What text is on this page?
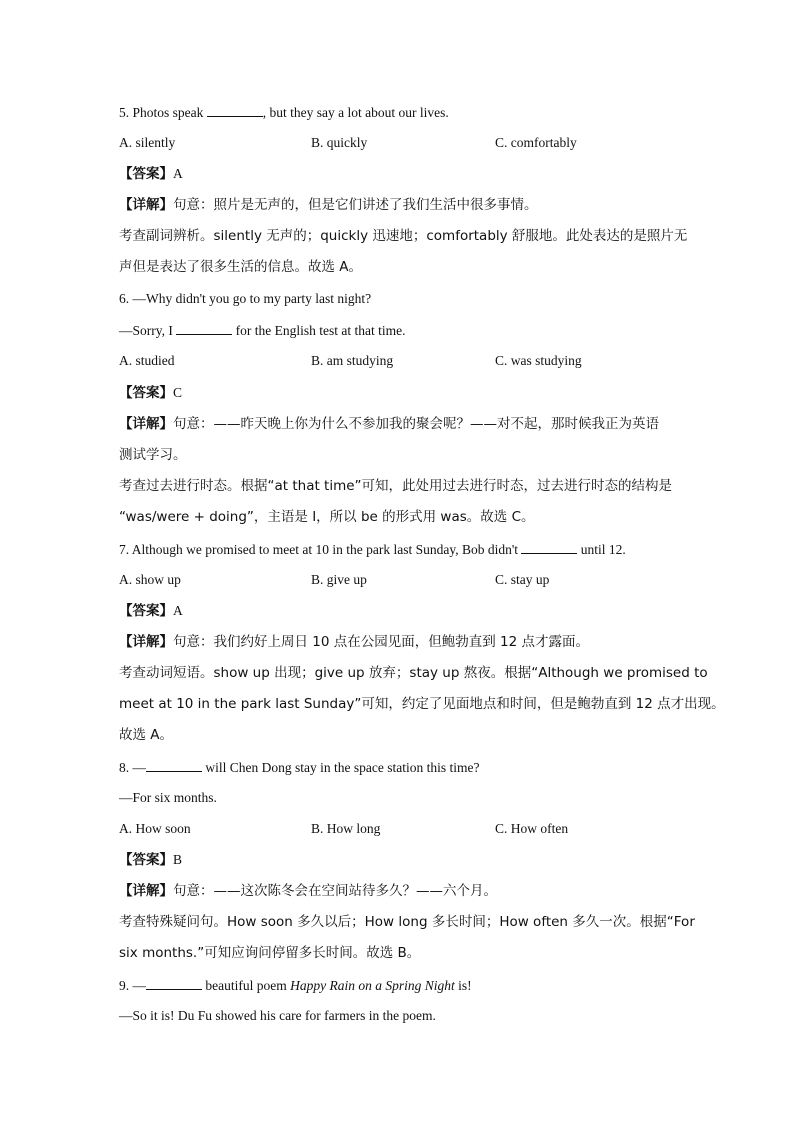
5. Photos speak	, but they say a lot about our lives.
A. silently	B. quickly	C. comfortably
【答案】A
【详解】句意：照片是无声的，但是它们讲述了我们生活中很多事情。
考查副词辨析。silently 无声的；quickly 迅速地；comfortably 舒服地。此处表达的是照片无
声但是表达了很多生活的信息。故选 A。
6. —Why didn't you go to my party last night?
—Sorry, I	for the English test at that time.
A. studied	B. am studying	C. was studying
【答案】C
【详解】句意：——昨天晚上你为什么不参加我的聚会呢？——对不起，那时候我正为英语
测试学习。
考查过去进行时态。根据“at that time”可知，此处用过去进行时态，过去进行时态的结构是
“was/were + doing”，主语是 I，所以 be 的形式用 was。故选 C。
7. Although we promised to meet at 10 in the park last Sunday, Bob didn't	until 12.
A. show up	B. give up	C. stay up
【答案】A
【详解】句意：我们约好上周日 10 点在公园见面，但鲍勃直到 12 点才露面。
考查动词短语。show up 出现；give up 放弃；stay up 熬夜。根据“Although we promised to
meet at 10 in the park last Sunday”可知，约定了见面地点和时间，但是鲍勃直到 12 点才出现。
故选 A。
8. —	will Chen Dong stay in the space station this time?
—For six months.
A. How soon	B. How long	C. How often
【答案】B
【详解】句意：——这次陈冬会在空间站待多久？——六个月。
考查特殊疑问句。How soon 多久以后；How long 多长时间；How often 多久一次。根据“For
six months.”可知应询问停留多长时间。故选 B。
9. —	beautiful poem Happy Rain on a Spring Night is!
—So it is! Du Fu showed his care for farmers in the poem.
